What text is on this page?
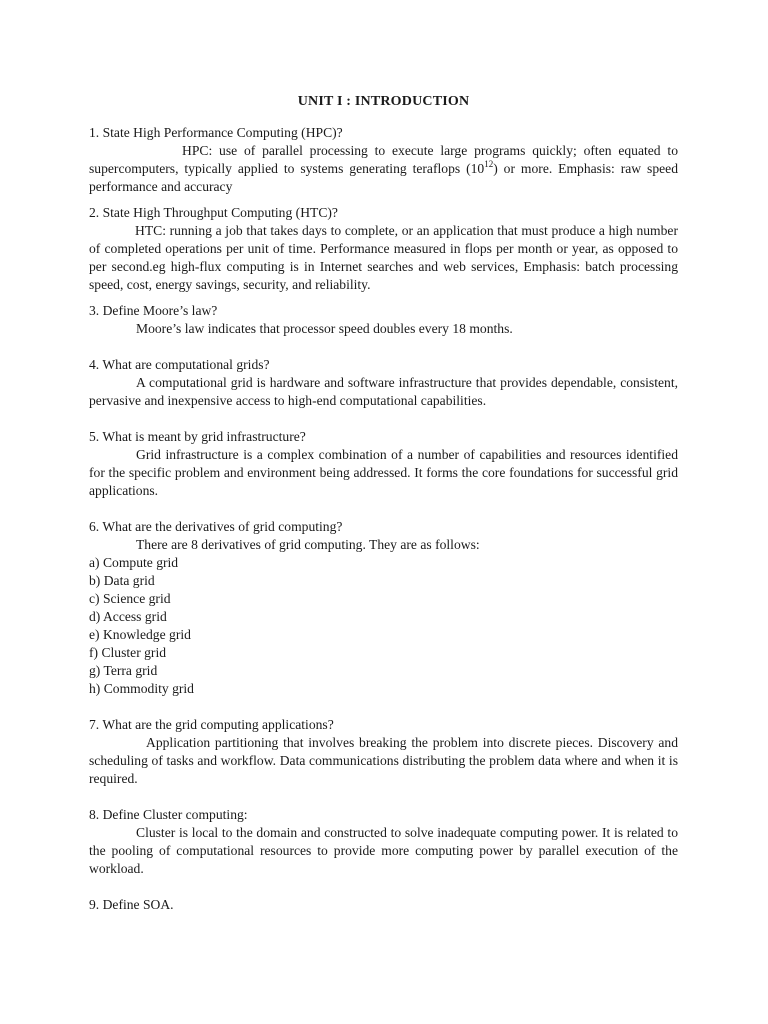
UNIT I : INTRODUCTION

1. State High Performance Computing (HPC)?

HPC: use of parallel processing to execute large programs quickly; often equated to supercomputers, typically applied to systems generating teraflops $(10^{12})$ or more. Emphasis: raw speed performance and accuracy

2. State High Throughput Computing (HTC)?

HTC: running a job that takes days to complete, or an application that must produce a high number of completed operations per unit of time. Performance measured in flops per month or year, as opposed to per second.eg high-flux computing is in Internet searches and web services, Emphasis: batch processing speed, cost, energy savings, security, and reliability.

3. Define Moore’s law?

Moore’s law indicates that processor speed doubles every 18 months.

4. What are computational grids?

A computational grid is hardware and software infrastructure that provides dependable, consistent, pervasive and inexpensive access to high-end computational capabilities.

5. What is meant by grid infrastructure?

Grid infrastructure is a complex combination of a number of capabilities and resources identified for the specific problem and environment being addressed. It forms the core foundations for successful grid applications.

6. What are the derivatives of grid computing?

There are 8 derivatives of grid computing. They are as follows:

a) Compute grid

b) Data grid

c) Science grid

d) Access grid

e) Knowledge grid

f) Cluster grid

g) Terra grid

h) Commodity grid

7. What are the grid computing applications?

Application partitioning that involves breaking the problem into discrete pieces. Discovery and scheduling of tasks and workflow. Data communications distributing the problem data where and when it is required.

8. Define Cluster computing:

Cluster is local to the domain and constructed to solve inadequate computing power. It is related to the pooling of computational resources to provide more computing power by parallel execution of the workload.

9. Define SOA.
